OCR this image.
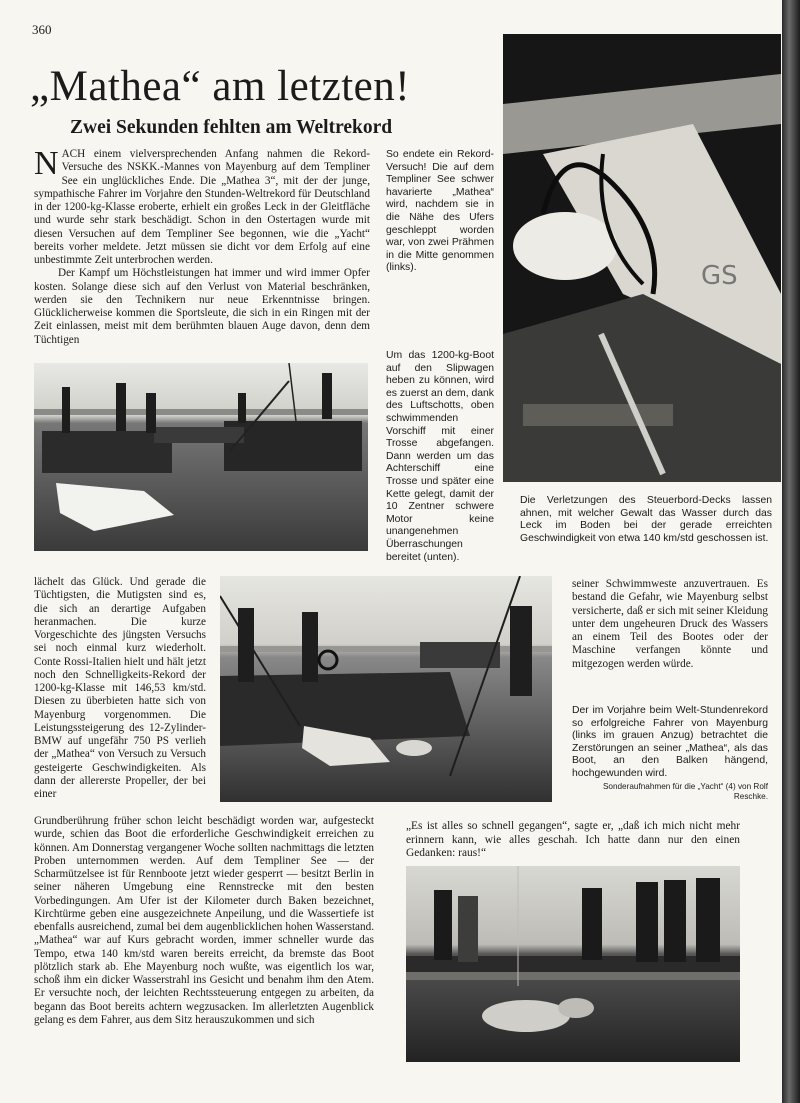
360
„Mathea“ am letzten!
Zwei Sekunden fehlten am Weltrekord

NACH einem vielversprechenden Anfang nahmen die Rekord-Versuche des NSKK.-Mannes von Mayenburg auf dem Templiner See ein unglückliches Ende. Die „Mathea 3“, mit der der junge, sympathische Fahrer im Vorjahre den Stunden-Weltrekord für Deutschland in der 1200-kg-Klasse eroberte, erhielt ein großes Leck in der Gleitfläche und wurde sehr stark beschädigt. Schon in den Ostertagen wurde mit diesen Versuchen auf dem Templiner See begonnen, wie die „Yacht“ bereits vorher meldete. Jetzt müssen sie dicht vor dem Erfolg auf eine unbestimmte Zeit unterbrochen werden.

Der Kampf um Höchstleistungen hat immer und wird immer Opfer kosten. Solange diese sich auf den Verlust von Material beschränken, werden sie den Technikern nur neue Erkenntnisse bringen. Glücklicherweise kommen die Sportsleute, die sich in ein Ringen mit der Zeit einlassen, meist mit dem berühmten blauen Auge davon, denn dem Tüchtigen

So endete ein Rekord-Versuch! Die auf dem Templiner See schwer havarierte „Mathea“ wird, nachdem sie in die Nähe des Ufers geschleppt worden war, von zwei Prähmen in die Mitte genommen (links).	GS

Um das 1200-kg-Boot auf den Slipwagen heben zu können, wird es zuerst an dem, dank des Luftschotts, oben schwimmenden Vorschiff mit einer Trosse abgefangen. Dann werden um das Achterschiff eine Trosse und später eine Kette gelegt, damit der 10 Zentner schwere Motor keine unangenehmen Überraschungen bereitet (unten).

Die Verletzungen des Steuerbord-Decks lassen ahnen, mit welcher Gewalt das Wasser durch das Leck im Boden bei der gerade erreichten Geschwindigkeit von etwa 140 km/std geschossen ist.

lächelt das Glück. Und gerade die Tüchtigsten, die Mutigsten sind es, die sich an derartige Aufgaben heranmachen. Die kurze Vorgeschichte des jüngsten Versuchs sei noch einmal kurz wiederholt. Conte Rossi-Italien hielt und hält jetzt noch den Schnelligkeits-Rekord der 1200-kg-Klasse mit 146,53 km/std. Diesen zu überbieten hatte sich von Mayenburg vorgenommen. Die Leistungssteigerung des 12-Zylinder-BMW auf ungefähr 750 PS verlieh der „Mathea“ von Versuch zu Versuch gesteigerte Geschwindigkeiten. Als dann der allererste Propeller, der bei einer

seiner Schwimmweste anzuvertrauen. Es bestand die Gefahr, wie Mayenburg selbst versicherte, daß er sich mit seiner Kleidung unter dem ungeheuren Druck des Wassers an einem Teil des Bootes oder der Maschine verfangen könnte und mitgezogen werden würde.

Der im Vorjahre beim Welt-Stundenrekord so erfolgreiche Fahrer von Mayenburg (links im grauen Anzug) betrachtet die Zerstörungen an seiner „Mathea“, als das Boot, an den Balken hängend, hochgewunden wird.

Sonderaufnahmen für die „Yacht“ (4) von Rolf Reschke.

Grundberührung früher schon leicht beschädigt worden war, aufgesteckt wurde, schien das Boot die erforderliche Geschwindigkeit erreichen zu können. Am Donnerstag vergangener Woche sollten nachmittags die letzten Proben unternommen werden. Auf dem Templiner See — der Scharmützelsee ist für Rennboote jetzt wieder gesperrt — besitzt Berlin in seiner näheren Umgebung eine Rennstrecke mit den besten Vorbedingungen. Am Ufer ist der Kilometer durch Baken bezeichnet, Kirchtürme geben eine ausgezeichnete Anpeilung, und die Wassertiefe ist ebenfalls ausreichend, zumal bei dem augenblicklichen hohen Wasserstand. „Mathea“ war auf Kurs gebracht worden, immer schneller wurde das Tempo, etwa 140 km/std waren bereits erreicht, da bremste das Boot plötzlich stark ab. Ehe Mayenburg noch wußte, was eigentlich los war, schoß ihm ein dicker Wasserstrahl ins Gesicht und benahm ihm den Atem. Er versuchte noch, der leichten Rechtssteuerung entgegen zu arbeiten, da begann das Boot bereits achtern wegzusacken. Im allerletzten Augenblick gelang es dem Fahrer, aus dem Sitz herauszukommen und sich

„Es ist alles so schnell gegangen“, sagte er, „daß ich mich nicht mehr erinnern kann, wie alles geschah. Ich hatte dann nur den einen Gedanken: raus!“
